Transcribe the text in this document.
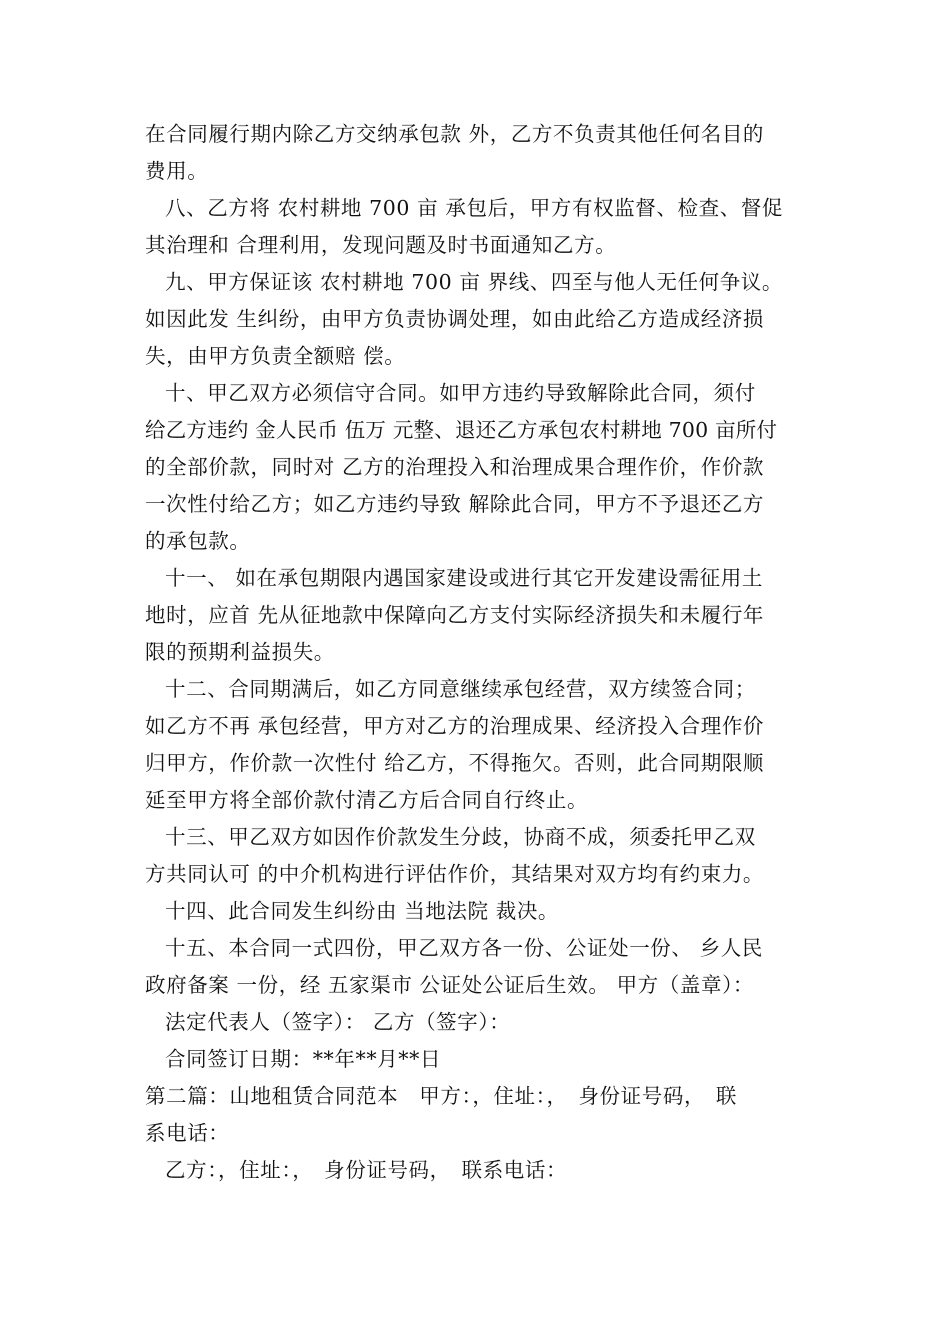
在合同履行期内除乙方交纳承包款 外，乙方不负责其他任何名目的
费用。
八、乙方将 农村耕地 700 亩 承包后，甲方有权监督、检查、督促
其治理和 合理利用，发现问题及时书面通知乙方。
九、甲方保证该 农村耕地 700 亩 界线、四至与他人无任何争议。
如因此发 生纠纷，由甲方负责协调处理，如由此给乙方造成经济损
失，由甲方负责全额赔 偿。
十、甲乙双方必须信守合同。如甲方违约导致解除此合同，须付
给乙方违约 金人民币 伍万 元整、退还乙方承包农村耕地 700 亩所付
的全部价款，同时对 乙方的治理投入和治理成果合理作价，作价款
一次性付给乙方；如乙方违约导致 解除此合同，甲方不予退还乙方
的承包款。
十一、 如在承包期限内遇国家建设或进行其它开发建设需征用土
地时，应首 先从征地款中保障向乙方支付实际经济损失和未履行年
限的预期利益损失。
十二、合同期满后，如乙方同意继续承包经营，双方续签合同；
如乙方不再 承包经营，甲方对乙方的治理成果、经济投入合理作价
归甲方，作价款一次性付 给乙方，不得拖欠。否则，此合同期限顺
延至甲方将全部价款付清乙方后合同自行终止。
十三、甲乙双方如因作价款发生分歧，协商不成，须委托甲乙双
方共同认可 的中介机构进行评估作价，其结果对双方均有约束力。
十四、此合同发生纠纷由 当地法院 裁决。
十五、本合同一式四份，甲乙双方各一份、公证处一份、 乡人民
政府备案 一份，经 五家渠市 公证处公证后生效。 甲方（盖章）：
法定代表人（签字）： 乙方（签字）：
合同签订日期：**年**月**日
第二篇：山地租赁合同范本　甲方：，住址：，　身份证号码，　联
系电话：
乙方：，住址：，　身份证号码，　联系电话：
